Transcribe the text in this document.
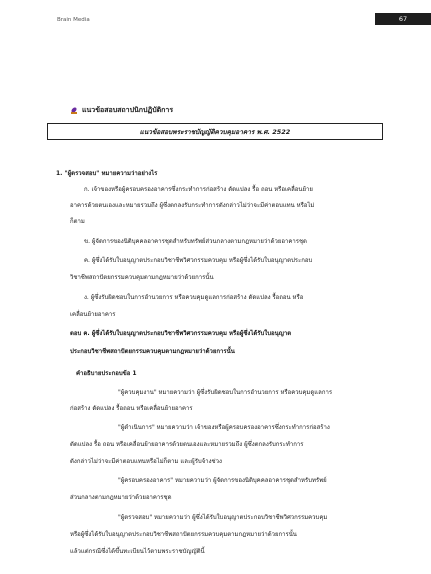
Brain Media	67
แนวข้อสอบสถาปนิกปฏิบัติการ
แนวข้อสอบพระราชบัญญัติควบคุมอาคาร พ.ศ. 2522
1. "ผู้ตรวจสอบ" หมายความว่าอย่างไร
ก. เจ้าของหรือผู้ครอบครองอาคารซึ่งกระทำการก่อสร้าง ดัดแปลง รื้อ ถอน หรือเคลื่อนย้าย
อาคารด้วยตนเองและหมายรวมถึง ผู้ซึ่งตกลงรับกระทำการดังกล่าวไม่ว่าจะมีค่าตอบแทน หรือไม่
ก็ตาม
ข. ผู้จัดการของนิติบุคคลอาคารชุดสำหรับทรัพย์ส่วนกลางตามกฎหมายว่าด้วยอาคารชุด
ค. ผู้ซึ่งได้รับใบอนุญาตประกอบวิชาชีพวิศวกรรมควบคุม หรือผู้ซึ่งได้รับใบอนุญาตประกอบ
วิชาชีพสถาปัตยกรรมควบคุมตามกฎหมายว่าด้วยการนั้น
ง. ผู้ซึ่งรับผิดชอบในการอำนวยการ หรือควบคุมดูแลการก่อสร้าง ดัดแปลง รื้อถอน หรือ
เคลื่อนย้ายอาคาร
ตอบ ค. ผู้ซึ่งได้รับใบอนุญาตประกอบวิชาชีพวิศวกรรมควบคุม หรือผู้ซึ่งได้รับใบอนุญาต
ประกอบวิชาชีพสถาปัตยกรรมควบคุมตามกฎหมายว่าด้วยการนั้น
คำอธิบายประกอบข้อ 1
"ผู้ควบคุมงาน" หมายความว่า ผู้ซึ่งรับผิดชอบในการอำนวยการ หรือควบคุมดูแลการ
ก่อสร้าง ดัดแปลง รื้อถอน หรือเคลื่อนย้ายอาคาร
"ผู้ดำเนินการ" หมายความว่า เจ้าของหรือผู้ครอบครองอาคารซึ่งกระทำการก่อสร้าง
ดัดแปลง รื้อ ถอน หรือเคลื่อนย้ายอาคารด้วยตนเองและหมายรวมถึง ผู้ซึ่งตกลงรับกระทำการ
ดังกล่าวไม่ว่าจะมีค่าตอบแทนหรือไม่ก็ตาม และผู้รับจ้างช่วง
"ผู้ครอบครองอาคาร" หมายความว่า ผู้จัดการของนิติบุคคลอาคารชุดสำหรับทรัพย์
ส่วนกลางตามกฎหมายว่าด้วยอาคารชุด
"ผู้ตรวจสอบ" หมายความว่า ผู้ซึ่งได้รับใบอนุญาตประกอบวิชาชีพวิศวกรรมควบคุม
หรือผู้ซึ่งได้รับใบอนุญาตประกอบวิชาชีพสถาปัตยกรรมควบคุมตามกฎหมายว่าด้วยการนั้น
แล้วแต่กรณีซึ่งได้ขึ้นทะเบียนไว้ตามพระราชบัญญัตินี้
